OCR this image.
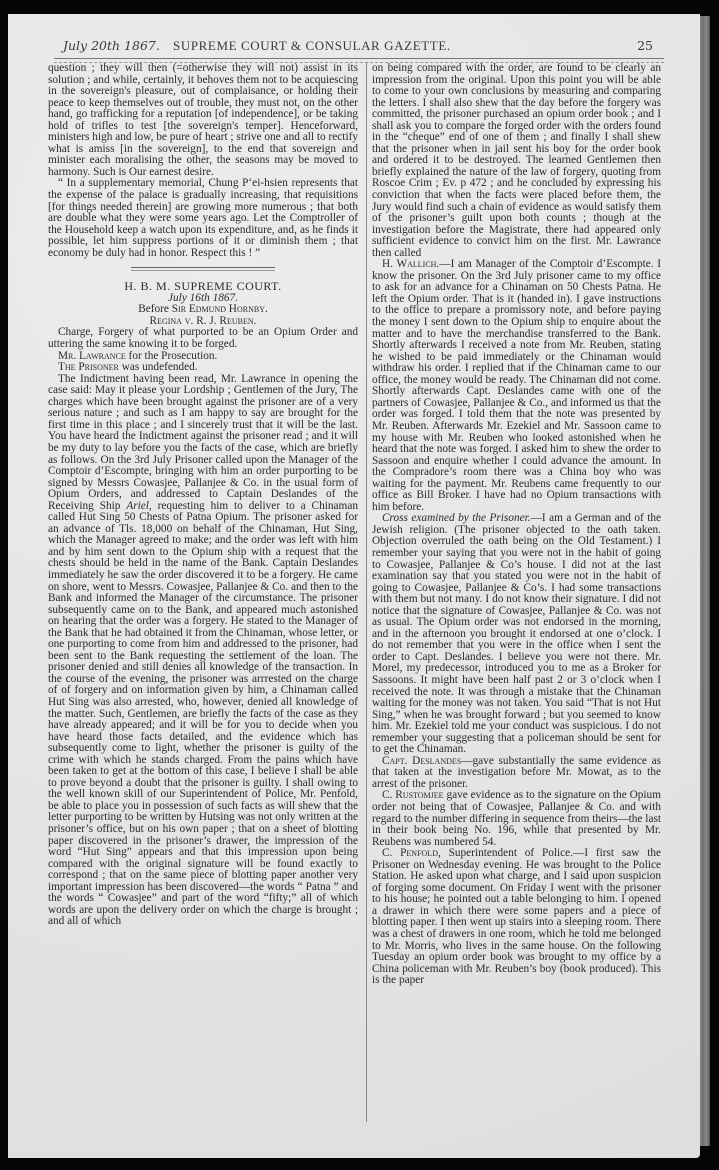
July 20th 1867. SUPREME COURT & CONSULAR GAZETTE.	25

question ; they will then (=otherwise they will not) assist in its solution ; and while, certainly, it behoves them not to be acquiescing in the sovereign's pleasure, out of complaisance, or holding their peace to keep themselves out of trouble, they must not, on the other hand, go trafficking for a reputation [of independence], or be taking hold of trifles to test [the sovereign's temper]. Henceforward, ministers high and low, be pure of heart ; strive one and all to rectify what is amiss [in the sovereign], to the end that sovereign and minister each moralising the other, the seasons may be moved to harmony. Such is Our earnest desire.

“ In a supplementary memorial, Chung P‘ei-hsien represents that the expense of the palace is gradually increasing, that requisitions [for things needed therein] are growing more numerous ; that both are double what they were some years ago. Let the Comptroller of the Household keep a watch upon its expenditure, and, as he finds it possible, let him suppress portions of it or diminish them ; that economy be duly had in honor. Respect this ! ”

H. B. M. SUPREME COURT.

July 16th 1867.

Before Sir Edmund Hornby.

Regina v. R. J. Reuben.

Charge, Forgery of what purported to be an Opium Order and uttering the same knowing it to be forged.

Mr. Lawrance for the Prosecution.

The Prisoner was undefended.

The Indictment having been read, Mr. Lawrance in opening the case said: May it please your Lordship ; Gentlemen of the Jury, The charges which have been brought against the prisoner are of a very serious nature ; and such as I am happy to say are brought for the first time in this place ; and I sincerely trust that it will be the last. You have heard the Indictment against the prisoner read ; and it will be my duty to lay before you the facts of the case, which are briefly as follows. On the 3rd July Prisoner called upon the Manager of the Comptoir d’Escompte, bringing with him an order purporting to be signed by Messrs Cowasjee, Pallanjee & Co. in the usual form of Opium Orders, and addressed to Captain Deslandes of the Receiving Ship Ariel, requesting him to deliver to a Chinaman called Hut Sing 50 Chests of Patna Opium. The prisoner asked for an advance of Tls. 18,000 on behalf of the Chinaman, Hut Sing, which the Manager agreed to make; and the order was left with him and by him sent down to the Opium ship with a request that the chests should be held in the name of the Bank. Captain Deslandes immediately he saw the order discovered it to be a forgery. He came on shore, went to Messrs. Cowasjee, Pallanjee & Co. and then to the Bank and informed the Manager of the circumstance. The prisoner subsequently came on to the Bank, and appeared much astonished on hearing that the order was a forgery. He stated to the Manager of the Bank that he had obtained it from the Chinaman, whose letter, or one purporting to come from him and addressed to the prisoner, had been sent to the Bank requesting the settlement of the loan. The prisoner denied and still denies all knowledge of the transaction. In the course of the evening, the prisoner was arrrested on the charge of of forgery and on information given by him, a Chinaman called Hut Sing was also arrested, who, however, denied all knowledge of the matter. Such, Gentlemen, are briefly the facts of the case as they have already appeared; and it will be for you to decide when you have heard those facts detailed, and the evidence which has subsequently come to light, whether the prisoner is guilty of the crime with which he stands charged. From the pains which have been taken to get at the bottom of this case, I believe I shall be able to prove beyond a doubt that the prisoner is guilty. I shall owing to the well known skill of our Superintendent of Police, Mr. Penfold, be able to place you in possession of such facts as will shew that the letter purporting to be written by Hutsing was not only written at the prisoner’s office, but on his own paper ; that on a sheet of blotting paper discovered in the prisoner’s drawer, the impression of the word “Hut Sing” appears and that this impression upon being compared with the original signature will be found exactly to correspond ; that on the same piece of blotting paper another very important impression has been discovered—the words “ Patna ” and the words “ Cowasjee” and part of the word “fifty;” all of which words are upon the delivery order on which the charge is brought ; and all of which

on being compared with the order, are found to be clearly an impression from the original. Upon this point you will be able to come to your own conclusions by measuring and comparing the letters. I shall also shew that the day before the forgery was committed, the prisoner purchased an opium order book ; and I shall ask you to compare the forged order with the orders found in the “cheque” end of one of them ; and finally I shall shew that the prisoner when in jail sent his boy for the order book and ordered it to be destroyed. The learned Gentlemen then briefly explained the nature of the law of forgery, quoting from Roscoe Crim ; Ev. p 472 ; and he concluded by expressing his conviction that when the facts were placed before them, the Jury would find such a chain of evidence as would satisfy them of the prisoner’s guilt upon both counts ; though at the investigation before the Magistrate, there had appeared only sufficient evidence to convict him on the first. Mr. Lawrance then called

H. Wallich.—I am Manager of the Comptoir d’Escompte. I know the prisoner. On the 3rd July prisoner came to my office to ask for an advance for a Chinaman on 50 Chests Patna. He left the Opium order. That is it (handed in). I gave instructions to the office to prepare a promissory note, and before paying the money I sent down to the Opium ship to enquire about the matter and to have the merchandise transferred to the Bank. Shortly afterwards I received a note from Mr. Reuben, stating he wished to be paid immediately or the Chinaman would withdraw his order. I replied that if the Chinaman came to our office, the money would be ready. The Chinaman did not come. Shortly afterwards Capt. Deslandes came with one of the partners of Cowasjee, Pallanjee & Co., and informed us that the order was forged. I told them that the note was presented by Mr. Reuben. Afterwards Mr. Ezekiel and Mr. Sassoon came to my house with Mr. Reuben who looked astonished when he heard that the note was forged. I asked him to shew the order to Sassoon and enquire whether I could advance the amount. In the Compradore’s room there was a China boy who was waiting for the payment. Mr. Reubens came frequently to our office as Bill Broker. I have had no Opium transactions with him before.

Cross examined by the Prisoner.—I am a German and of the Jewish religion. (The prisoner objected to the oath taken. Objection overruled the oath being on the Old Testament.) I remember your saying that you were not in the habit of going to Cowasjee, Pallanjee & Co’s house. I did not at the last examination say that you stated you were not in the habit of going to Cowasjee, Pallanjee & Co’s. I had some transactions with them but not many. I do not know their signature. I did not notice that the signature of Cowasjee, Pallanjee & Co. was not as usual. The Opium order was not endorsed in the morning, and in the afternoon you brought it endorsed at one o’clock. I do not remember that you were in the office when I sent the order to Capt. Deslandes. I believe you were not there. Mr. Morel, my predecessor, introduced you to me as a Broker for Sassoons. It might have been half past 2 or 3 o’clock when I received the note. It was through a mistake that the Chinaman waiting for the money was not taken. You said “That is not Hut Sing,” when he was brought forward ; but you seemed to know him. Mr. Ezekiel told me your conduct was suspicious. I do not remember your suggesting that a policeman should be sent for to get the Chinaman.

Capt. Deslandes—gave substantially the same evidence as that taken at the investigation before Mr. Mowat, as to the arrest of the prisoner.

C. Rustomjee gave evidence as to the signature on the Opium order not being that of Cowasjee, Pallanjee & Co. and with regard to the number differing in sequence from theirs—the last in their book being No. 196, while that presented by Mr. Reubens was numbered 54.

C. Penfold, Superintendent of Police.—I first saw the Prisoner on Wednesday evening. He was brought to the Police Station. He asked upon what charge, and I said upon suspicion of forging some document. On Friday I went with the prisoner to his house; he pointed out a table belonging to him. I opened a drawer in which there were some papers and a piece of blotting paper. I then went up stairs into a sleeping room. There was a chest of drawers in one room, which he told me belonged to Mr. Morris, who lives in the same house. On the following Tuesday an opium order book was brought to my office by a China policeman with Mr. Reuben’s boy (book produced). This is the paper
